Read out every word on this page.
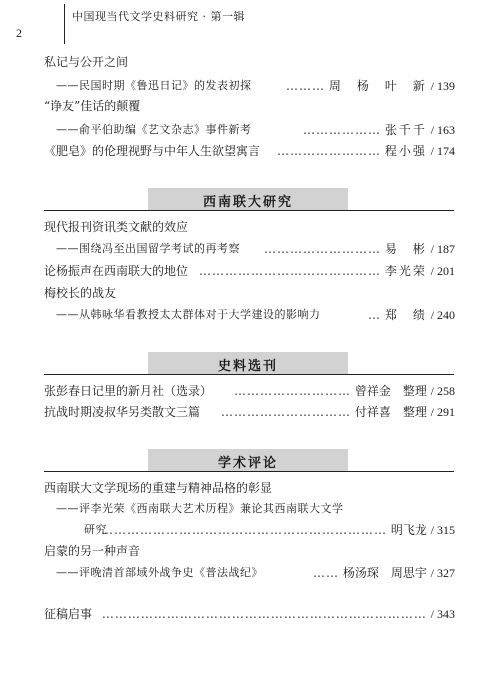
2
中国现当代文学史料研究 · 第一辑
私记与公开之间
——民国时期《鲁迅日记》的发表初探	……… 周　杨　叶　新 / 139
“诤友”佳话的颠覆
——俞平伯助编《艺文杂志》事件新考	……………… 张千千 / 163
《肥皂》的伦理视野与中年人生欲望寓言 …………………… 程小强 / 174
西南联大研究
现代报刊资讯类文献的效应
——围绕冯至出国留学考试的再考察 ……………………… 易　彬 / 187
论杨振声在西南联大的地位 …………………………………… 李光荣 / 201
梅校长的战友
——从韩咏华看教授太太群体对于大学建设的影响力	… 郑　绩 / 240
史料选刊
张彭春日记里的新月社（选录） ……………………… 曾祥金　整理 / 258
抗战时期凌叔华另类散文三篇 ………………………… 付祥喜　整理 / 291
学术评论
西南联大文学现场的重建与精神品格的彰显
——评李光荣《西南联大艺术历程》兼论其西南联大文学
研究
………………………………………………………… 明飞龙 / 315
启蒙的另一种声音
——评晚清首部域外战争史《普法战纪》	…… 杨汤琛　周思宇 / 327
征稿启事 ………………………………………………………………… / 343
